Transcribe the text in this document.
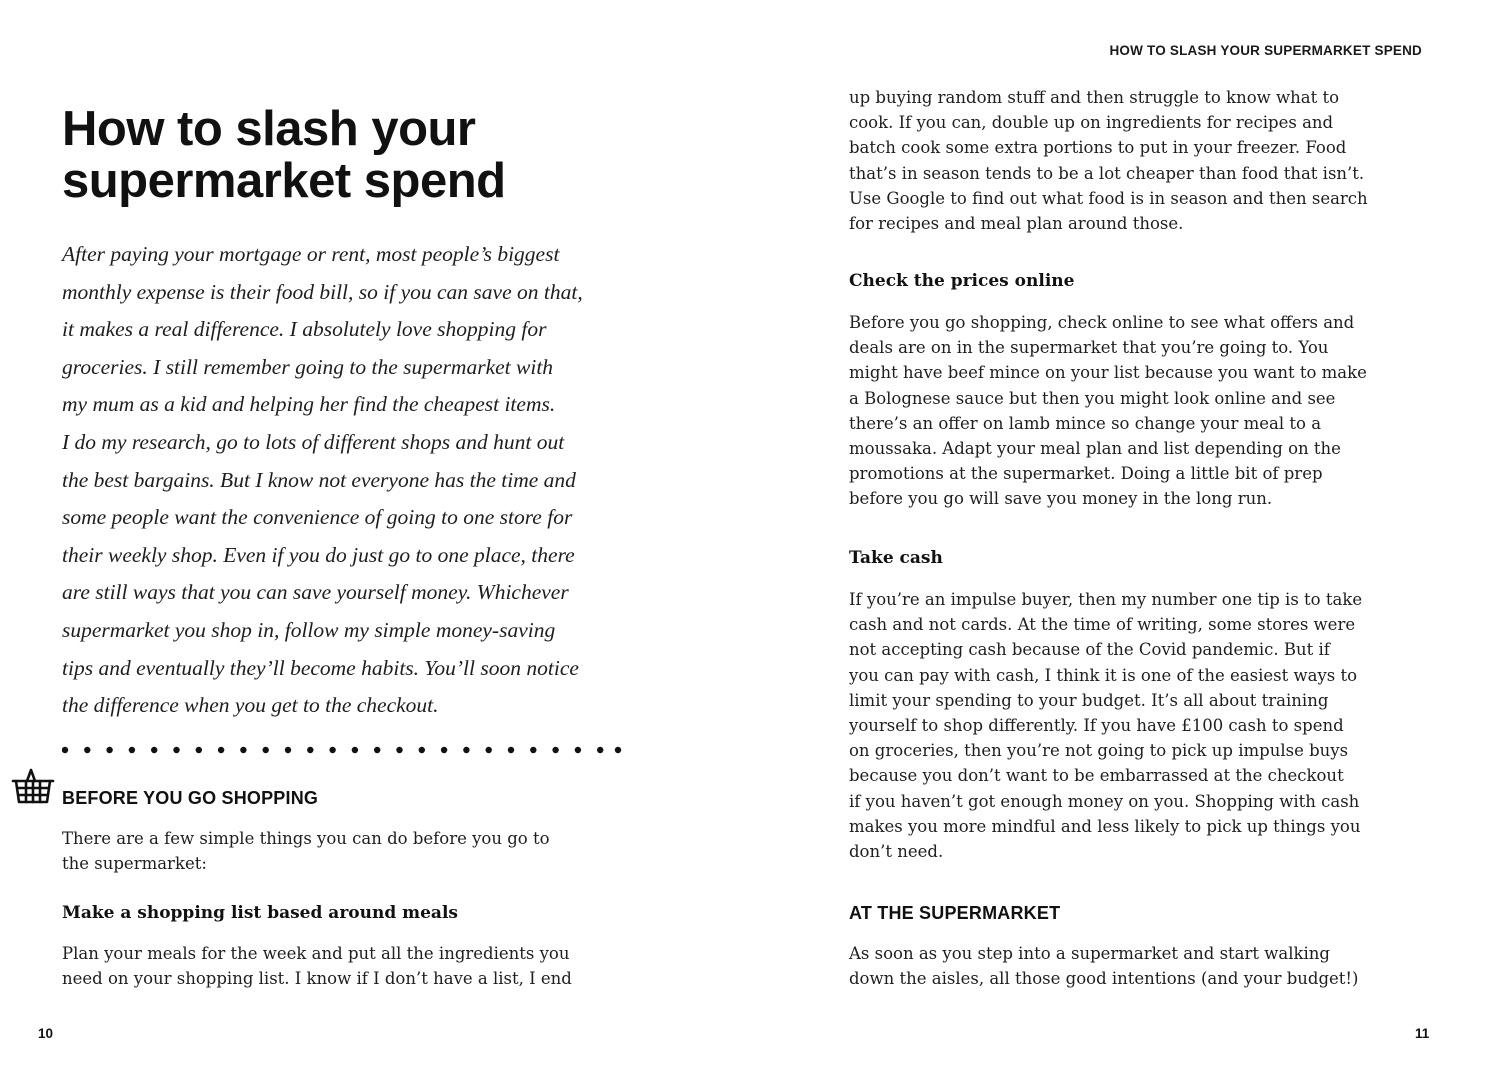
How to slash your
supermarket spend
After paying your mortgage or rent, most people’s biggest
monthly expense is their food bill, so if you can save on that,
it makes a real difference. I absolutely love shopping for
groceries. I still remember going to the supermarket with
my mum as a kid and helping her find the cheapest items.
I do my research, go to lots of different shops and hunt out
the best bargains. But I know not everyone has the time and
some people want the convenience of going to one store for
their weekly shop. Even if you do just go to one place, there
are still ways that you can save yourself money. Whichever
supermarket you shop in, follow my simple money-saving
tips and eventually they’ll become habits. You’ll soon notice
the difference when you get to the checkout.
BEFORE YOU GO SHOPPING
There are a few simple things you can do before you go to
the supermarket:
Make a shopping list based around meals
Plan your meals for the week and put all the ingredients you
need on your shopping list. I know if I don’t have a list, I end
10
HOW TO SLASH YOUR SUPERMARKET SPEND
up buying random stuff and then struggle to know what to
cook. If you can, double up on ingredients for recipes and
batch cook some extra portions to put in your freezer. Food
that’s in season tends to be a lot cheaper than food that isn’t.
Use Google to find out what food is in season and then search
for recipes and meal plan around those.
Check the prices online
Before you go shopping, check online to see what offers and
deals are on in the supermarket that you’re going to. You
might have beef mince on your list because you want to make
a Bolognese sauce but then you might look online and see
there’s an offer on lamb mince so change your meal to a
moussaka. Adapt your meal plan and list depending on the
promotions at the supermarket. Doing a little bit of prep
before you go will save you money in the long run.
Take cash
If you’re an impulse buyer, then my number one tip is to take
cash and not cards. At the time of writing, some stores were
not accepting cash because of the Covid pandemic. But if
you can pay with cash, I think it is one of the easiest ways to
limit your spending to your budget. It’s all about training
yourself to shop differently. If you have £100 cash to spend
on groceries, then you’re not going to pick up impulse buys
because you don’t want to be embarrassed at the checkout
if you haven’t got enough money on you. Shopping with cash
makes you more mindful and less likely to pick up things you
don’t need.
AT THE SUPERMARKET
As soon as you step into a supermarket and start walking
down the aisles, all those good intentions (and your budget!)
11
